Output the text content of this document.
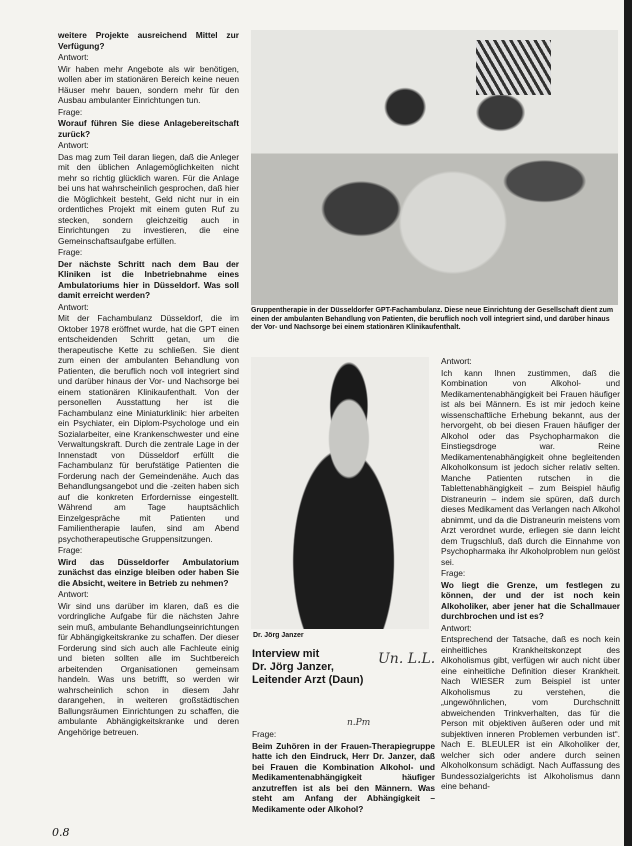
weitere Projekte ausreichend Mittel zur Verfügung?

Antwort:

Wir haben mehr Angebote als wir benötigen, wollen aber im stationären Bereich keine neuen Häuser mehr bauen, sondern mehr für den Ausbau ambulanter Einrichtungen tun.

Frage:

Worauf führen Sie diese Anlagebereitschaft zurück?

Antwort:

Das mag zum Teil daran liegen, daß die Anleger mit den üblichen Anlagemöglichkeiten nicht mehr so richtig glücklich waren. Für die Anlage bei uns hat wahrscheinlich gesprochen, daß hier die Möglichkeit besteht, Geld nicht nur in ein ordentliches Projekt mit einem guten Ruf zu stecken, sondern gleichzeitig auch in Einrichtungen zu investieren, die eine Gemeinschaftsaufgabe erfüllen.

Frage:

Der nächste Schritt nach dem Bau der Kliniken ist die Inbetriebnahme eines Ambulatoriums hier in Düsseldorf. Was soll damit erreicht werden?

Antwort:

Mit der Fachambulanz Düsseldorf, die im Oktober 1978 eröffnet wurde, hat die GPT einen entscheidenden Schritt getan, um die therapeutische Kette zu schließen. Sie dient zum einen der ambulanten Behandlung von Patienten, die beruflich noch voll integriert sind und darüber hinaus der Vor- und Nachsorge bei einem stationären Klinikaufenthalt. Von der personellen Ausstattung her ist die Fachambulanz eine Miniaturklinik: hier arbeiten ein Psychiater, ein Diplom-Psychologe und ein Sozialarbeiter, eine Krankenschwester und eine Verwaltungskraft. Durch die zentrale Lage in der Innenstadt von Düsseldorf erfüllt die Fachambulanz für berufstätige Patienten die Forderung nach der Gemeindenähe. Auch das Behandlungsangebot und die -zeiten haben sich auf die konkreten Erfordernisse eingestellt. Während am Tage hauptsächlich Einzelgespräche mit Patienten und Familientherapie laufen, sind am Abend psychotherapeutische Gruppensitzungen.

Frage:

Wird das Düsseldorfer Ambulatorium zunächst das einzige bleiben oder haben Sie die Absicht, weitere in Betrieb zu nehmen?

Antwort:

Wir sind uns darüber im klaren, daß es die vordringliche Aufgabe für die nächsten Jahre sein muß, ambulante Behandlungseinrichtungen für Abhängigkeitskranke zu schaffen. Der dieser Forderung sind sich auch alle Fachleute einig und bieten sollten alle im Suchtbereich arbeitenden Organisationen gemeinsam handeln. Was uns betrifft, so werden wir wahrscheinlich schon in diesem Jahr darangehen, in weiteren großstädtischen Ballungsräumen Einrichtungen zu schaffen, die ambulante Abhängigkeitskranke und deren Angehörige betreuen.

Gruppentherapie in der Düsseldorfer GPT-Fachambulanz. Diese neue Einrichtung der Gesellschaft dient zum einen der ambulanten Behandlung von Patienten, die beruflich noch voll integriert sind, und darüber hinaus der Vor- und Nachsorge bei einem stationären Klinikaufenthalt.
Dr. Jörg Janzer
Interview mit
Dr. Jörg Janzer,
Leitender Arzt (Daun)
Un. L.L.
n.Pm

Frage:

Beim Zuhören in der Frauen-Therapiegruppe hatte ich den Eindruck, Herr Dr. Janzer, daß bei Frauen die Kombination Alkohol- und Medikamentenabhängigkeit häufiger anzutreffen ist als bei den Männern. Was steht am Anfang der Abhängigkeit – Medikamente oder Alkohol?

Antwort:

Ich kann Ihnen zustimmen, daß die Kombination von Alkohol- und Medikamentenabhängigkeit bei Frauen häufiger ist als bei Männern. Es ist mir jedoch keine wissenschaftliche Erhebung bekannt, aus der hervorgeht, ob bei diesen Frauen häufiger der Alkohol oder das Psychopharmakon die Einstiegsdroge war. Reine Medikamentenabhängigkeit ohne begleitenden Alkoholkonsum ist jedoch sicher relativ selten. Manche Patienten rutschen in die Tablettenabhängigkeit – zum Beispiel häufig Distraneurin – indem sie spüren, daß durch dieses Medikament das Verlangen nach Alkohol abnimmt, und da die Distraneurin meistens vom Arzt verordnet wurde, erliegen sie dann leicht dem Trugschluß, daß durch die Einnahme von Psychopharmaka ihr Alkoholproblem nun gelöst sei.

Frage:

Wo liegt die Grenze, um festlegen zu können, der und der ist noch kein Alkoholiker, aber jener hat die Schallmauer durchbrochen und ist es?

Antwort:

Entsprechend der Tatsache, daß es noch kein einheitliches Krankheitskonzept des Alkoholismus gibt, verfügen wir auch nicht über eine einheitliche Definition dieser Krankheit. Nach WIESER zum Beispiel ist unter Alkoholismus zu verstehen, die „ungewöhnlichen, vom Durchschnitt abweichenden Trinkverhalten, das für die Person mit objektiven äußeren oder und mit subjektiven inneren Problemen verbunden ist“. Nach E. BLEULER ist ein Alkoholiker der, welcher sich oder andere durch seinen Alkoholkonsum schädigt. Nach Auffassung des Bundessozialgerichts ist Alkoholismus dann eine behand-

0.8
